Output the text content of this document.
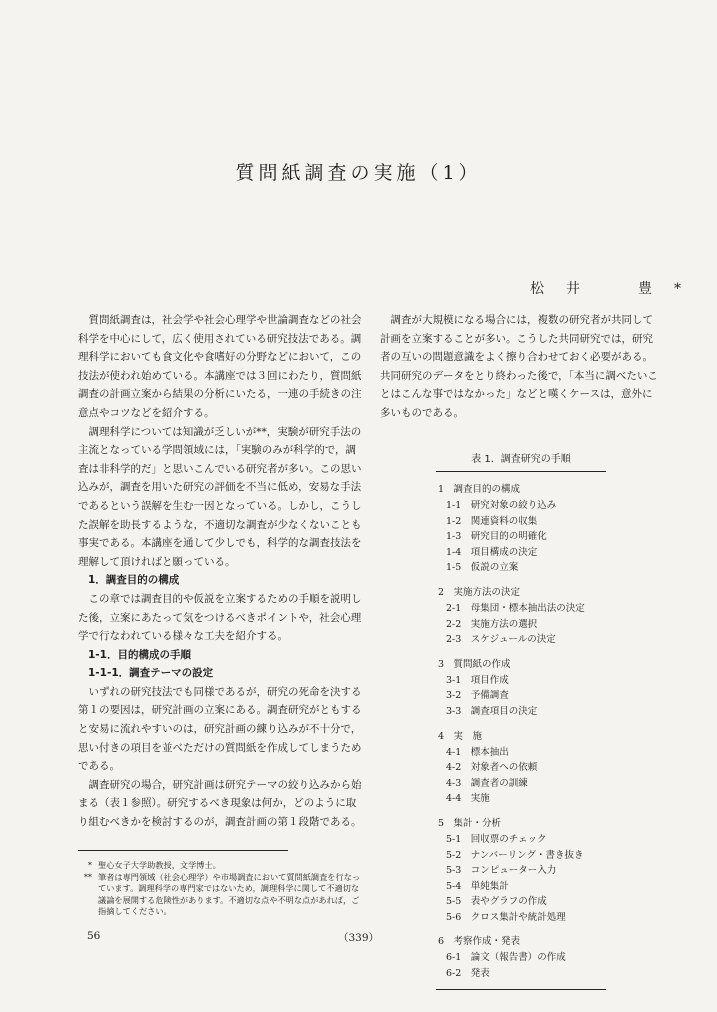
質問紙調査の実施（1）
松井　豊*

質問紙調査は，社会学や社会心理学や世論調査などの社会科学を中心にして，広く使用されている研究技法である。調理科学においても食文化や食嗜好の分野などにおいて，この技法が使われ始めている。本講座では３回にわたり，質問紙調査の計画立案から結果の分析にいたる，一連の手続きの注意点やコツなどを紹介する。

調理科学については知識が乏しいが**，実験が研究手法の主流となっている学問領域には，「実験のみが科学的で，調査は非科学的だ」と思いこんでいる研究者が多い。この思い込みが，調査を用いた研究の評価を不当に低め，安易な手法であるという誤解を生む一因となっている。しかし，こうした誤解を助長するような，不適切な調査が少なくないことも事実である。本講座を通して少しでも，科学的な調査技法を理解して頂ければと願っている。

1．調査目的の構成

この章では調査目的や仮説を立案するための手順を説明した後，立案にあたって気をつけるべきポイントや，社会心理学で行なわれている様々な工夫を紹介する。

1-1．目的構成の手順
1-1-1．調査テーマの設定

いずれの研究技法でも同様であるが，研究の死命を決する第１の要因は，研究計画の立案にある。調査研究がともすると安易に流れやすいのは，研究計画の練り込みが不十分で，思い付きの項目を並べただけの質問紙を作成してしまうためである。

調査研究の場合，研究計画は研究テーマの絞り込みから始まる（表１参照）。研究するべき現象は何か，どのように取り組むべきかを検討するのが，調査計画の第１段階である。

調査が大規模になる場合には，複数の研究者が共同して計画を立案することが多い。こうした共同研究では，研究者の互いの問題意識をよく擦り合わせておく必要がある。共同研究のデータをとり終わった後で，「本当に調べたいことはこんな事ではなかった」などと嘆くケースは，意外に多いものである。

表 1．調査研究の手順
1　調査目的の構成
1-1　研究対象の絞り込み
1-2　関連資料の収集
1-3　研究目的の明確化
1-4　項目構成の決定
1-5　仮説の立案
2　実施方法の決定
2-1　母集団・標本抽出法の決定
2-2　実施方法の選択
2-3　スケジュールの決定
3　質問紙の作成
3-1　項目作成
3-2　予備調査
3-3　調査項目の決定
4　実　施
4-1　標本抽出
4-2　対象者への依頼
4-3　調査者の訓練
4-4　実施
5　集計・分析
5-1　回収票のチェック
5-2　ナンバーリング・書き抜き
5-3　コンピューター入力
5-4　単純集計
5-5　表やグラフの作成
5-6　クロス集計や統計処理
6　考察作成・発表
6-1　論文（報告書）の作成
6-2　発表
* 聖心女子大学助教授，文学博士。
** 筆者は専門領域（社会心理学）や市場調査において質問紙調査を行なっています。調理科学の専門家ではないため，調理科学に関して不適切な議論を展開する危険性があります。不適切な点や不明な点があれば，ご指摘してください。
56	（339）
